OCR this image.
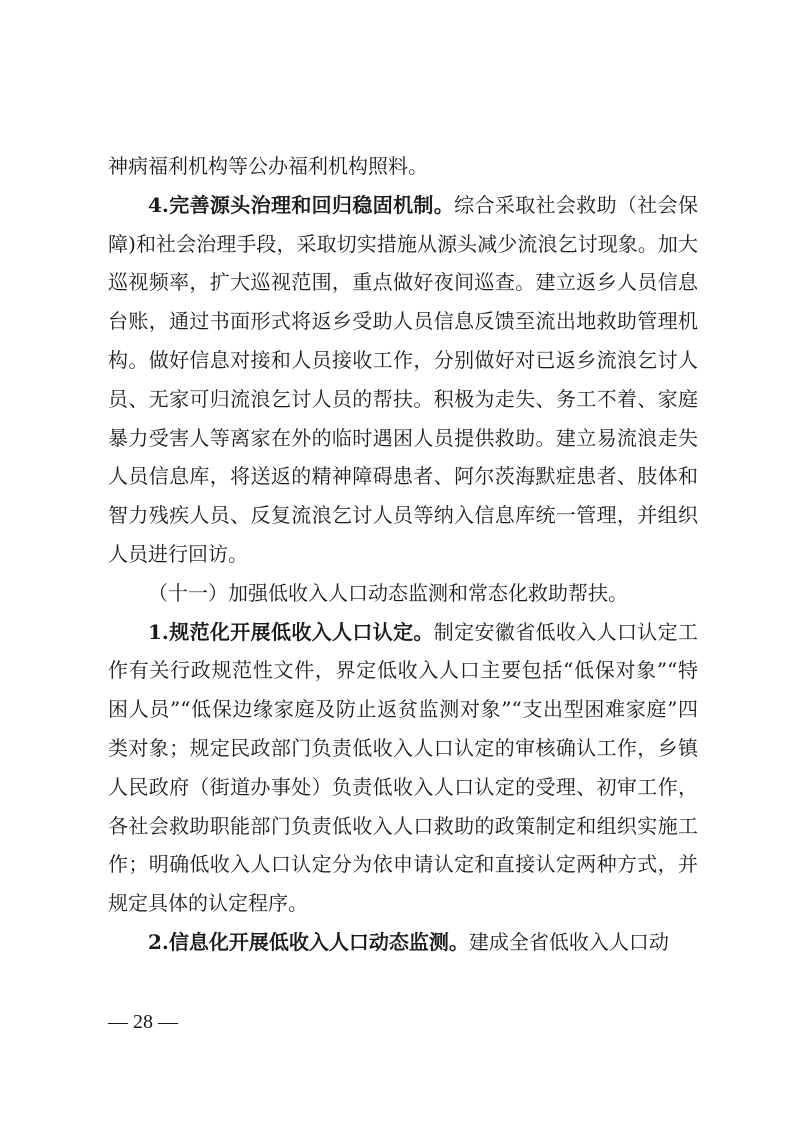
神病福利机构等公办福利机构照料。

4.完善源头治理和回归稳固机制。综合采取社会救助（社会保障)和社会治理手段，采取切实措施从源头减少流浪乞讨现象。加大巡视频率，扩大巡视范围，重点做好夜间巡查。建立返乡人员信息台账，通过书面形式将返乡受助人员信息反馈至流出地救助管理机构。做好信息对接和人员接收工作，分别做好对已返乡流浪乞讨人员、无家可归流浪乞讨人员的帮扶。积极为走失、务工不着、家庭暴力受害人等离家在外的临时遇困人员提供救助。建立易流浪走失人员信息库，将送返的精神障碍患者、阿尔茨海默症患者、肢体和智力残疾人员、反复流浪乞讨人员等纳入信息库统一管理，并组织人员进行回访。

（十一）加强低收入人口动态监测和常态化救助帮扶。

1.规范化开展低收入人口认定。制定安徽省低收入人口认定工作有关行政规范性文件，界定低收入人口主要包括“低保对象”“特困人员”“低保边缘家庭及防止返贫监测对象”“支出型困难家庭”四类对象；规定民政部门负责低收入人口认定的审核确认工作，乡镇人民政府（街道办事处）负责低收入人口认定的受理、初审工作，各社会救助职能部门负责低收入人口救助的政策制定和组织实施工作；明确低收入人口认定分为依申请认定和直接认定两种方式，并规定具体的认定程序。

2.信息化开展低收入人口动态监测。建成全省低收入人口动

— 28 —
